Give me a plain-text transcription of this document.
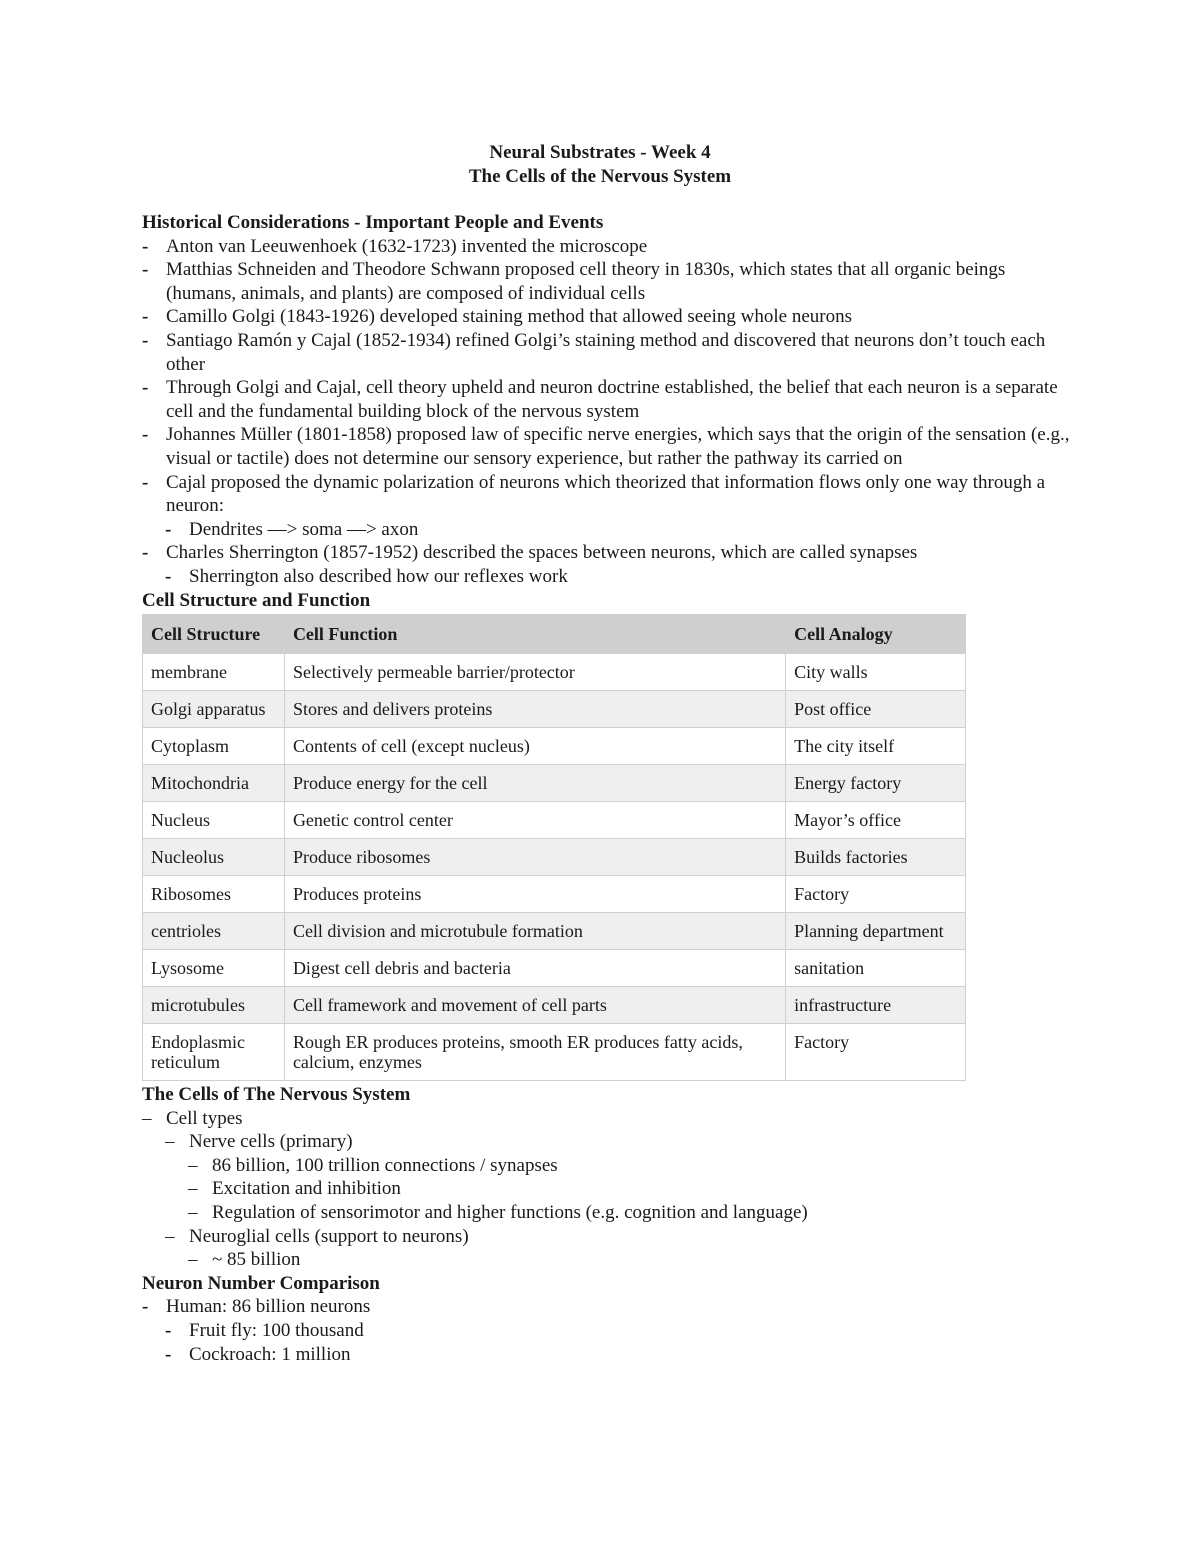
Neural Substrates - Week 4
The Cells of the Nervous System
Historical Considerations - Important People and Events
- Anton van Leeuwenhoek (1632-1723) invented the microscope
- Matthias Schneiden and Theodore Schwann proposed cell theory in 1830s, which states that all organic beings (humans, animals, and plants) are composed of individual cells
- Camillo Golgi (1843-1926) developed staining method that allowed seeing whole neurons
- Santiago Ramón y Cajal (1852-1934) refined Golgi’s staining method and discovered that neurons don’t touch each other
- Through Golgi and Cajal, cell theory upheld and neuron doctrine established, the belief that each neuron is a separate cell and the fundamental building block of the nervous system
- Johannes Müller (1801-1858) proposed law of specific nerve energies, which says that the origin of the sensation (e.g., visual or tactile) does not determine our sensory experience, but rather the pathway its carried on
- Cajal proposed the dynamic polarization of neurons which theorized that information flows only one way through a neuron:
- Dendrites —> soma —> axon
- Charles Sherrington (1857-1952) described the spaces between neurons, which are called synapses
- Sherrington also described how our reflexes work
Cell Structure and Function
Cell Structure	Cell Function	Cell Analogy
membrane	Selectively permeable barrier/protector	City walls
Golgi apparatus	Stores and delivers proteins	Post office
Cytoplasm	Contents of cell (except nucleus)	The city itself
Mitochondria	Produce energy for the cell	Energy factory
Nucleus	Genetic control center	Mayor’s office
Nucleolus	Produce ribosomes	Builds factories
Ribosomes	Produces proteins	Factory
centrioles	Cell division and microtubule formation	Planning department
Lysosome	Digest cell debris and bacteria	sanitation
microtubules	Cell framework and movement of cell parts	infrastructure
Endoplasmic reticulum	Rough ER produces proteins, smooth ER produces fatty acids, calcium, enzymes	Factory
The Cells of The Nervous System
– Cell types
– Nerve cells (primary)
– 86 billion, 100 trillion connections / synapses
– Excitation and inhibition
– Regulation of sensorimotor and higher functions (e.g. cognition and language)
– Neuroglial cells (support to neurons)
– ~ 85 billion
Neuron Number Comparison
- Human: 86 billion neurons
- Fruit fly: 100 thousand
- Cockroach: 1 million
